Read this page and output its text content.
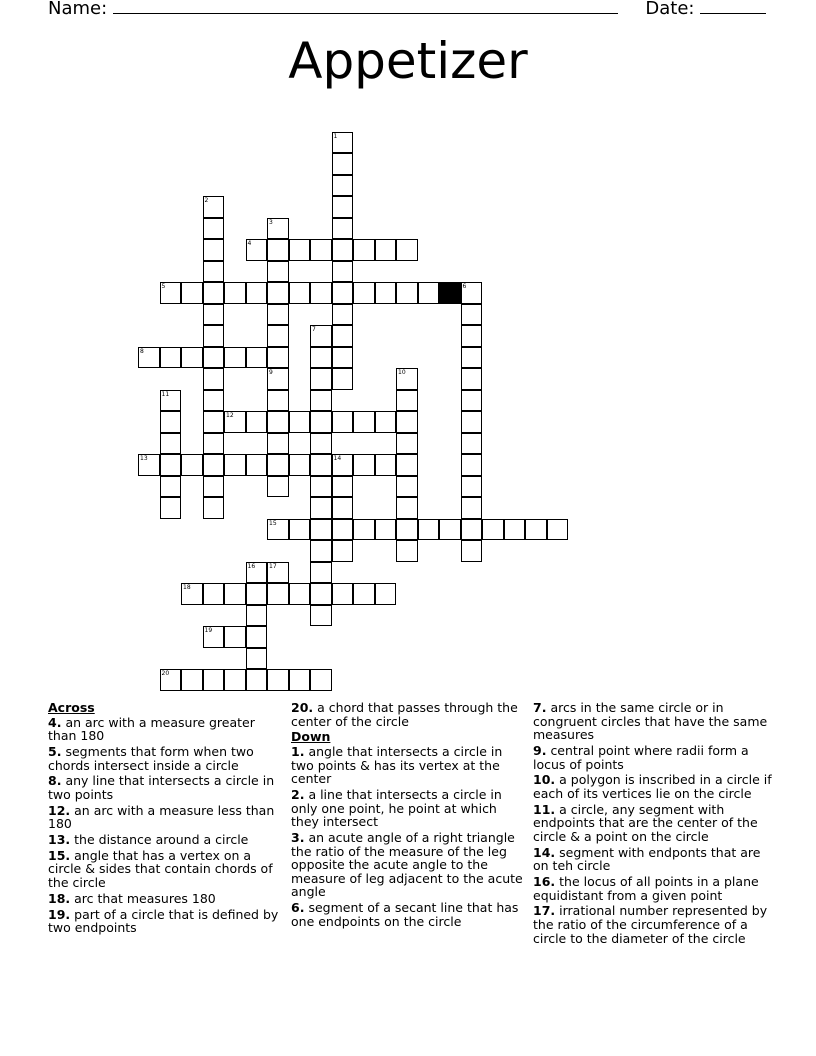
Name:	Date:
Appetizer
4
5
8
12
13	14
15
18
19
20
1
2
3
6
7
9	10
11
16 17
Across
4. an arc with a measure greater than 180
5. segments that form when two chords intersect inside a circle
8. any line that intersects a circle in two points
12. an arc with a measure less than 180
13. the distance around a circle
15. angle that has a vertex on a circle & sides that contain chords of the circle
18. arc that measures 180
19. part of a circle that is defined by two endpoints
20. a chord that passes through the center of the circle
Down
1. angle that intersects a circle in two points & has its vertex at the center
2. a line that intersects a circle in only one point, he point at which they intersect
3. an acute angle of a right triangle the ratio of the measure of the leg opposite the acute angle to the measure of leg adjacent to the acute angle
6. segment of a secant line that has one endpoints on the circle
7. arcs in the same circle or in congruent circles that have the same measures
9. central point where radii form a locus of points
10. a polygon is inscribed in a circle if each of its vertices lie on the circle
11. a circle, any segment with endpoints that are the center of the circle & a point on the circle
14. segment with endponts that are on teh circle
16. the locus of all points in a plane equidistant from a given point
17. irrational number represented by the ratio of the circumference of a circle to the diameter of the circle
